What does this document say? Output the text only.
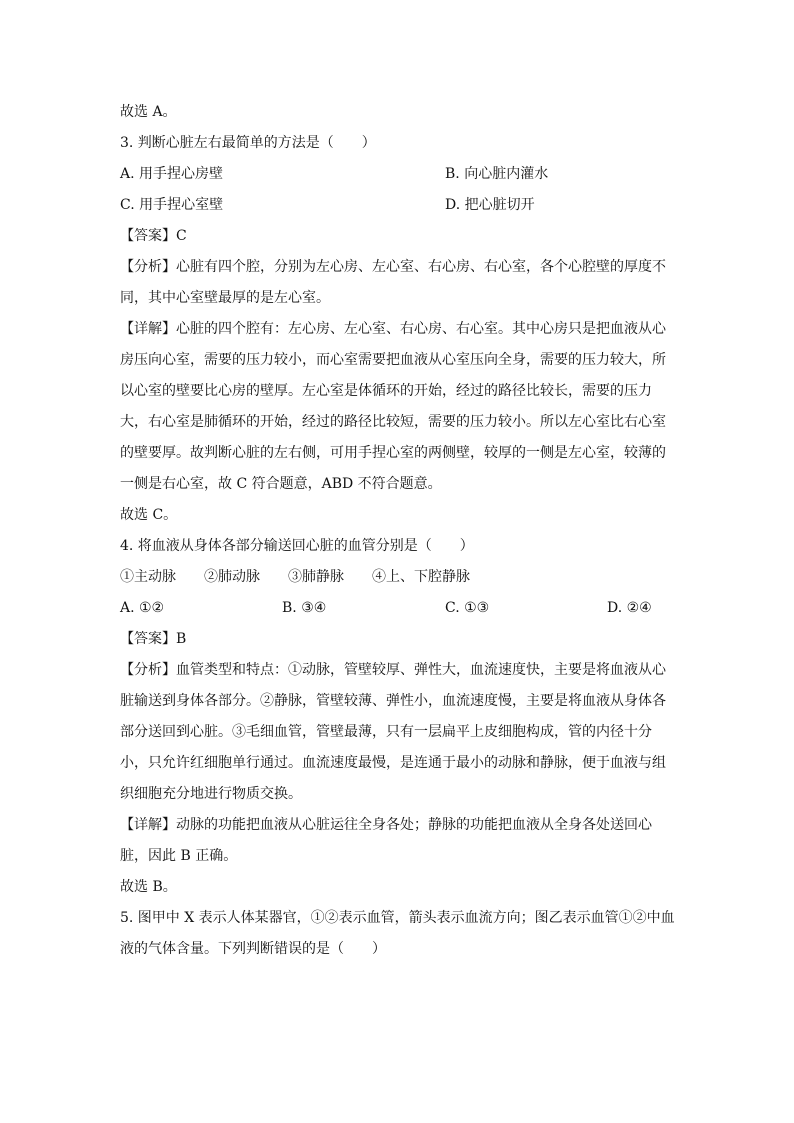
故选 A。
3. 判断心脏左右最简单的方法是（　　）
A. 用手捏心房壁	B. 向心脏内灌水
C. 用手捏心室壁	D. 把心脏切开
【答案】C
【分析】心脏有四个腔，分别为左心房、左心室、右心房、右心室，各个心腔壁的厚度不
同，其中心室壁最厚的是左心室。
【详解】心脏的四个腔有：左心房、左心室、右心房、右心室。其中心房只是把血液从心
房压向心室，需要的压力较小，而心室需要把血液从心室压向全身，需要的压力较大，所
以心室的壁要比心房的壁厚。左心室是体循环的开始，经过的路径比较长，需要的压力
大，右心室是肺循环的开始，经过的路径比较短，需要的压力较小。所以左心室比右心室
的壁要厚。故判断心脏的左右侧，可用手捏心室的两侧壁，较厚的一侧是左心室，较薄的
一侧是右心室，故 C 符合题意，ABD 不符合题意。
故选 C。
4. 将血液从身体各部分输送回心脏的血管分别是（　　）
①主动脉　　②肺动脉　　③肺静脉　　④上、下腔静脉
A. ①②	B. ③④	C. ①③	D. ②④
【答案】B
【分析】血管类型和特点：①动脉，管壁较厚、弹性大，血流速度快，主要是将血液从心
脏输送到身体各部分。②静脉，管壁较薄、弹性小，血流速度慢，主要是将血液从身体各
部分送回到心脏。③毛细血管，管壁最薄，只有一层扁平上皮细胞构成，管的内径十分
小，只允许红细胞单行通过。血流速度最慢，是连通于最小的动脉和静脉，便于血液与组
织细胞充分地进行物质交换。
【详解】动脉的功能把血液从心脏运往全身各处；静脉的功能把血液从全身各处送回心
脏，因此 B 正确。
故选 B。
5. 图甲中 X 表示人体某器官，①②表示血管，箭头表示血流方向；图乙表示血管①②中血
液的气体含量。下列判断错误的是（　　）
